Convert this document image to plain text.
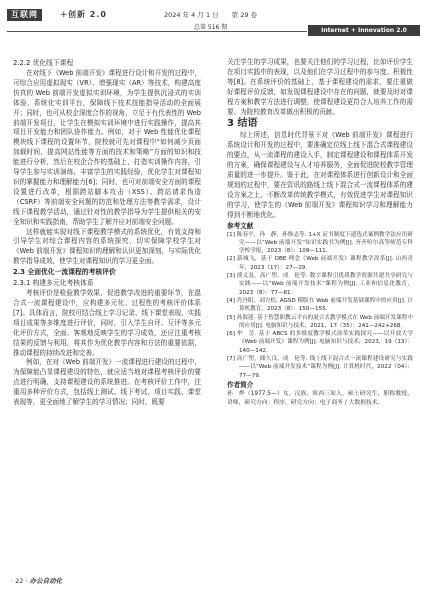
互联网	+ 创新 2.0	2024 年 4 月 1 日　　第 29 卷
总第 516 期	Internet + Innovation 2.0

2.2.2 优化线下课程

在对线下《Web 前端开发》课程进行设计和开发的过程中，可综合应用虚拟现实（VR）、增强现实（AR）等技术，构建高度仿真的 Web 前端开发虚拟实训环境，为学生提供沉浸式的实训体验，系统化实训平台，保障线下技术技能指导活动的全面展开；同时，也可从校企深度合作的视角，立足于有代表性的 Web 前端开发项目，让学生在模拟实训环境中进行实践操作，提高其项目开发能力和团队协作能力。例如，对于 Web 性能优化课程模块线下课程的设置环节，院校就可先对课程中“如何减少页面加载时间、提高网站性能等方面的技术和策略”方面的知识和技能进行分析，然后在校企合作的基础上，打造实训操作内容，引导学生参与实训演练，丰富学生的实践经验，优化学生对课程知识的掌握能力和理解能力[6]；同时，也可对前端安全方面的课程设置进行改革，根据跨站脚本攻击（XSS）、跨站请求伪造（CSRF）等前端安全问题的防范和处理方法等教学需求，设计线下课程教学活动，通过针对性的教学指导为学生提供相关的安全知识和实践指南，帮助学生了解并应对前端安全问题。

这样就能实现对线下课程教学模式的系统优化，有效支持和引导学生对综合课程内容的系统探究，切实保障学校学生对《Web 前端开发》课程知识的理解和认识更加深刻，与实际优化教学指导成效，使学生对课程知识的学习更全面。

2.3 全面优化一流课程的考核评价

2.3.1 构建多元化考核体系

考核评价是检验教学效果、促进教学改进的重要环节，在混合式一流课程建设中，应构建多元化、过程性的考核评价体系[7]。具体而言，院校可结合线上学习记录、线下课堂表现、实践项目成果等多维度进行评价，同时，引入学生自评、互评等多元化评价方式，全面、客观地反映学生的学习成效，还应注重考核结果的反馈与利用，将其作为优化教学内容和方法的重要依据，推动课程的持续改进和完善。

例如，在对《Web 前端开发》一流课程进行建设的过程中，为保障能凸显课程建设的特色，就应适当地对课程考核评价的要点进行明确，支持课程建设的系统推进。在考核评价工作中，注重用多种评价方式，包括线上测试、线下考试、项目实践、课堂表现等，更全面地了解学生的学习情况；同时，既要

关注学生的学习成果，也要关注他们的学习过程，比如评价学生在项目实践中的表现，以及他们在学习过程中的参与度、积极性等[8]。在系统评价的基础上，基于课程建设的需求，要注重做好课程评价反馈，如发现课程建设中存在的问题，就要及时对课程方案和教学方法进行调整，使课程建设更符合人培养工作的需要。为院校教育改革做出积极的贡献。

3 结语

综上所述，信息时代背景下对《Web 前端开发》课程进行系统设计和开发的过程中，要准确定位线上线下混合式课程建设的要点，从一流课程的建设入手，制定课程建设和课程体系开发的方案，确保课程建设与人才培养服务，全面促进院校教学管理质量的进一步提升。鉴于此，在对课程体系进行创新设计和全面规划的过程中，要在资讯的路线上线下混合式一流课程体系的建设方案之上，不断改革传统教学模式，有效促进学生对课程知识的学习，使学生的《Web 前端开发》课程知识学习和理解能力得到不断地优化。

参考文献

[1] 陈春平，孙　静，孙焕志等. 1+X 证书制度下遗选式案例教学法应用研究——以“Web 前端开发”知识实践书为例[J]. 齐齐哈尔高等师范专科学校学报，2023（8）：109—111.
[2] 新城飞，基于 OBE 理念《Web 前端开发》课程教学改革[J]. 山西青年，2023（17）：27—29.
[3] 熊义及，高广塑，成　伦等. 数字课程引优质教学资源共建共享研究与实践——以“Web 前端开发技术”课程为例[J]. 工业和信息化教育，2023（8）：77—81.
[4] 肖丹阳，刘方松. AGSD 模版在 Web 前端开发基础课程中的应用[J]. 计算机教育，2023（8）：150—155.
[5] 孙海迎. 基于智慧职教云平台的混合式教学模式在 Web 前端开发课程中的应用[J]. 电脑知识与技术，2021，17（35）：241—242+268.
[6] 牟　芳. 基于 ABCS 的多维度教学模式改革实践探究——以开放大学《Web 前端开发》课程为例[J]. 电脑知识与技术，2023，19（13）：140—142.
[7] 高广塑，储久良，成　伦等. 线上线下混合式一流课程建设研究与实践——以“Web 前端开发技术”课程为例[J]. 计算机时代，2022（04）：77—79.

作者简介

孙　烨（1977.5—）女，汉族，陕西三原人，硕士研究生，职称教授，讲师，研究方向：程序，研究方向：电子商务 / 大数据技术。

· 22 · 办公自动化
